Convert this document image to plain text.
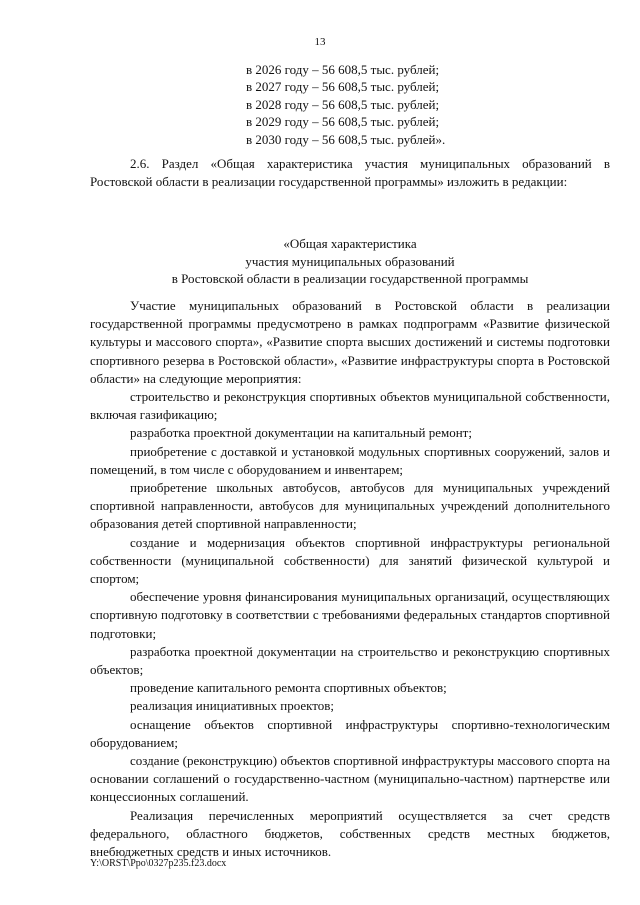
13
в 2026 году – 56 608,5 тыс. рублей;
в 2027 году – 56 608,5 тыс. рублей;
в 2028 году – 56 608,5 тыс. рублей;
в 2029 году – 56 608,5 тыс. рублей;
в 2030 году – 56 608,5 тыс. рублей».

2.6. Раздел «Общая характеристика участия муниципальных образований в Ростовской области в реализации государственной программы» изложить в редакции:

«Общая характеристика
участия муниципальных образований
в Ростовской области в реализации государственной программы

Участие муниципальных образований в Ростовской области в реализации государственной программы предусмотрено в рамках подпрограмм «Развитие физической культуры и массового спорта», «Развитие спорта высших достижений и системы подготовки спортивного резерва в Ростовской области», «Развитие инфраструктуры спорта в Ростовской области» на следующие мероприятия:

строительство и реконструкция спортивных объектов муниципальной собственности, включая газификацию;

разработка проектной документации на капитальный ремонт;

приобретение с доставкой и установкой модульных спортивных сооружений, залов и помещений, в том числе с оборудованием и инвентарем;

приобретение школьных автобусов, автобусов для муниципальных учреждений спортивной направленности, автобусов для муниципальных учреждений дополнительного образования детей спортивной направленности;

создание и модернизация объектов спортивной инфраструктуры региональной собственности (муниципальной собственности) для занятий физической культурой и спортом;

обеспечение уровня финансирования муниципальных организаций, осуществляющих спортивную подготовку в соответствии с требованиями федеральных стандартов спортивной подготовки;

разработка проектной документации на строительство и реконструкцию спортивных объектов;

проведение капитального ремонта спортивных объектов;

реализация инициативных проектов;

оснащение объектов спортивной инфраструктуры спортивно-технологическим оборудованием;

создание (реконструкцию) объектов спортивной инфраструктуры массового спорта на основании соглашений о государственно-частном (муниципально-частном) партнерстве или концессионных соглашений.

Реализация перечисленных мероприятий осуществляется за счет средств федерального, областного бюджетов, собственных средств местных бюджетов, внебюджетных средств и иных источников.

Y:\ORST\Ppo\0327p235.f23.docx
